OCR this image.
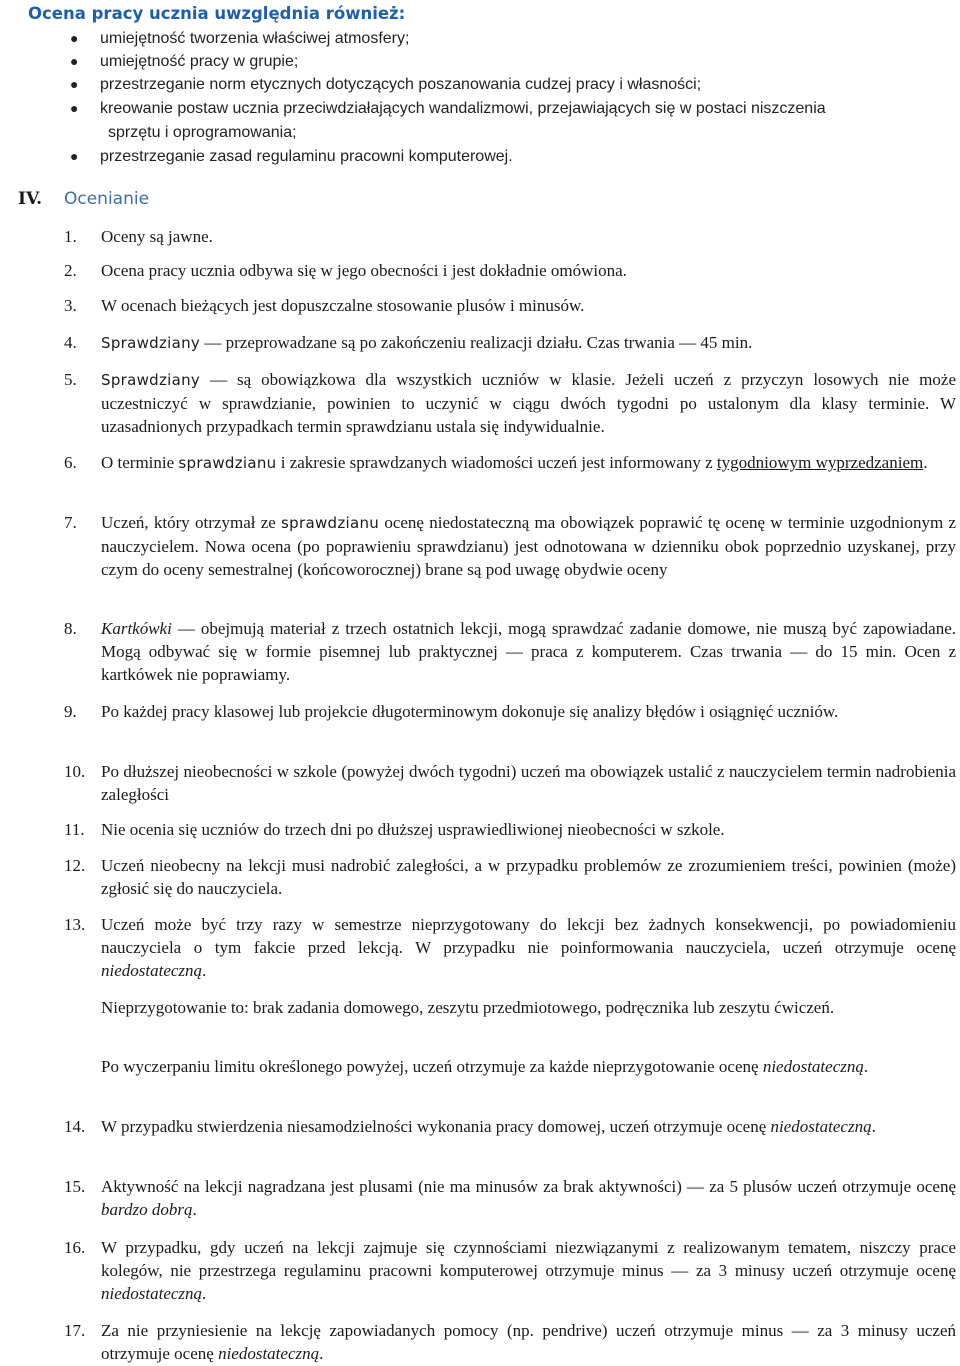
Ocena pracy ucznia uwzględnia również:
● umiejętność tworzenia właściwej atmosfery;
● umiejętność pracy w grupie;
● przestrzeganie norm etycznych dotyczących poszanowania cudzej pracy i własności;
● kreowanie postaw ucznia przeciwdziałających wandalizmowi, przejawiających się w postaci niszczenia
sprzętu i oprogramowania;
● przestrzeganie zasad regulaminu pracowni komputerowej.
IV. Ocenianie
1. Oceny są jawne.
2. Ocena pracy ucznia odbywa się w jego obecności i jest dokładnie omówiona.
3. W ocenach bieżących jest dopuszczalne stosowanie plusów i minusów.
4. Sprawdziany — przeprowadzane są po zakończeniu realizacji działu. Czas trwania — 45 min.
5. Sprawdziany — są obowiązkowa dla wszystkich uczniów w klasie. Jeżeli uczeń z przyczyn losowych nie może uczestniczyć w sprawdzianie, powinien to uczynić w ciągu dwóch tygodni po ustalonym dla klasy terminie. W uzasadnionych przypadkach termin sprawdzianu ustala się indywidualnie.
6. O terminie sprawdzianu i zakresie sprawdzanych wiadomości uczeń jest informowany z tygodniowym wyprzedzaniem.
7. Uczeń, który otrzymał ze sprawdzianu ocenę niedostateczną ma obowiązek poprawić tę ocenę w terminie uzgodnionym z nauczycielem. Nowa ocena (po poprawieniu sprawdzianu) jest odnotowana w dzienniku obok poprzednio uzyskanej, przy czym do oceny semestralnej (końcoworocznej) brane są pod uwagę obydwie oceny
8. Kartkówki — obejmują materiał z trzech ostatnich lekcji, mogą sprawdzać zadanie domowe, nie muszą być zapowiadane. Mogą odbywać się w formie pisemnej lub praktycznej — praca z komputerem. Czas trwania — do 15 min. Ocen z kartkówek nie poprawiamy.
9. Po każdej pracy klasowej lub projekcie długoterminowym dokonuje się analizy błędów i osiągnięć uczniów.
10. Po dłuższej nieobecności w szkole (powyżej dwóch tygodni) uczeń ma obowiązek ustalić z nauczycielem termin nadrobienia zaległości
11. Nie ocenia się uczniów do trzech dni po dłuższej usprawiedliwionej nieobecności w szkole.
12. Uczeń nieobecny na lekcji musi nadrobić zaległości, a w przypadku problemów ze zrozumieniem treści, powinien (może) zgłosić się do nauczyciela.
13. Uczeń może być trzy razy w semestrze nieprzygotowany do lekcji bez żadnych konsekwencji, po powiadomieniu nauczyciela o tym fakcie przed lekcją. W przypadku nie poinformowania nauczyciela, uczeń otrzymuje ocenę niedostateczną.
Nieprzygotowanie to: brak zadania domowego, zeszytu przedmiotowego, podręcznika lub zeszytu ćwiczeń.
Po wyczerpaniu limitu określonego powyżej, uczeń otrzymuje za każde nieprzygotowanie ocenę niedostateczną.
14. W przypadku stwierdzenia niesamodzielności wykonania pracy domowej, uczeń otrzymuje ocenę niedostateczną.
15. Aktywność na lekcji nagradzana jest plusami (nie ma minusów za brak aktywności) — za 5 plusów uczeń otrzymuje ocenę bardzo dobrą.
16. W przypadku, gdy uczeń na lekcji zajmuje się czynnościami niezwiązanymi z realizowanym tematem, niszczy prace kolegów, nie przestrzega regulaminu pracowni komputerowej otrzymuje minus — za 3 minusy uczeń otrzymuje ocenę niedostateczną.
17. Za nie przyniesienie na lekcję zapowiadanych pomocy (np. pendrive) uczeń otrzymuje minus — za 3 minusy uczeń otrzymuje ocenę niedostateczną.
